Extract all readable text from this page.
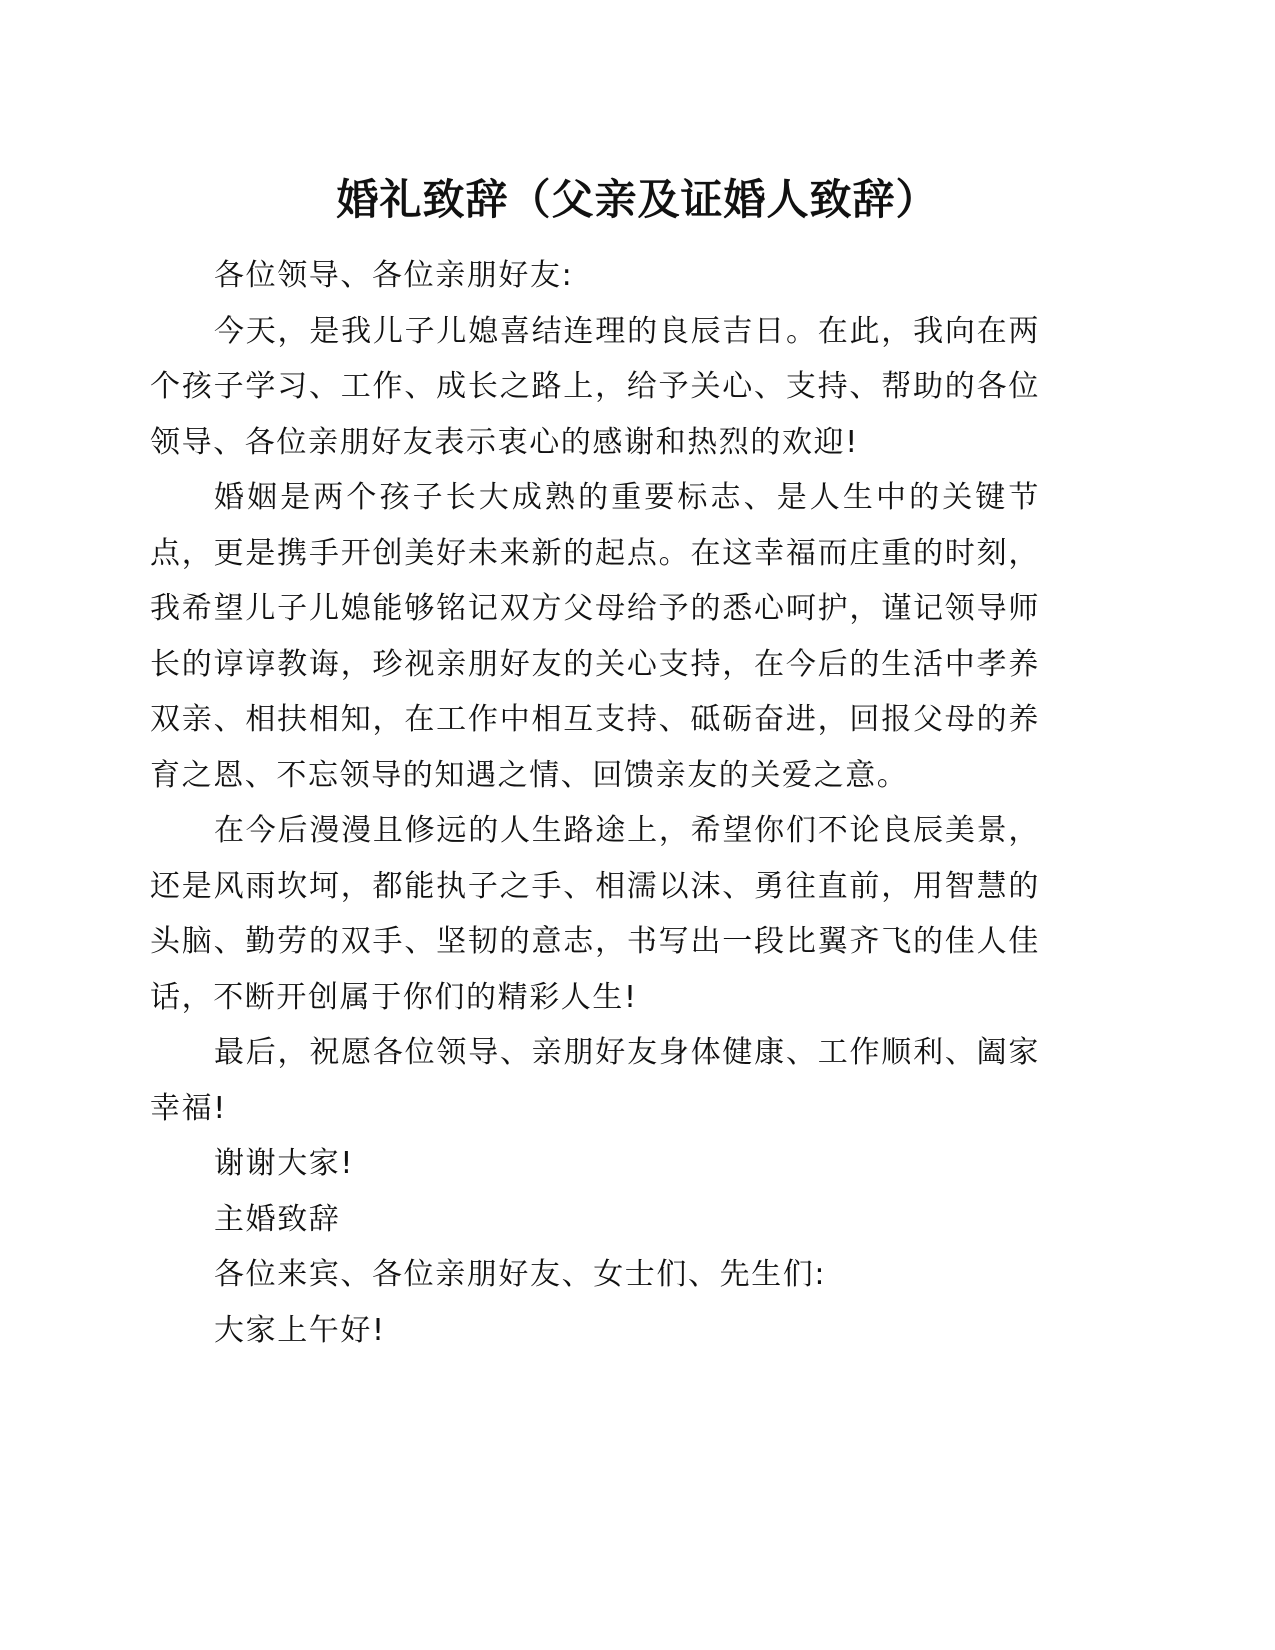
婚礼致辞（父亲及证婚人致辞）

各位领导、各位亲朋好友:

今天，是我儿子儿媳喜结连理的良辰吉日。在此，我向在两个孩子学习、工作、成长之路上，给予关心、支持、帮助的各位领导、各位亲朋好友表示衷心的感谢和热烈的欢迎!

婚姻是两个孩子长大成熟的重要标志、是人生中的关键节点，更是携手开创美好未来新的起点。在这幸福而庄重的时刻，我希望儿子儿媳能够铭记双方父母给予的悉心呵护，谨记领导师长的谆谆教诲，珍视亲朋好友的关心支持，在今后的生活中孝养双亲、相扶相知，在工作中相互支持、砥砺奋进，回报父母的养育之恩、不忘领导的知遇之情、回馈亲友的关爱之意。

在今后漫漫且修远的人生路途上，希望你们不论良辰美景，还是风雨坎坷，都能执子之手、相濡以沫、勇往直前，用智慧的头脑、勤劳的双手、坚韧的意志，书写出一段比翼齐飞的佳人佳话，不断开创属于你们的精彩人生!

最后，祝愿各位领导、亲朋好友身体健康、工作顺利、阖家幸福!

谢谢大家!

主婚致辞

各位来宾、各位亲朋好友、女士们、先生们:

大家上午好!
